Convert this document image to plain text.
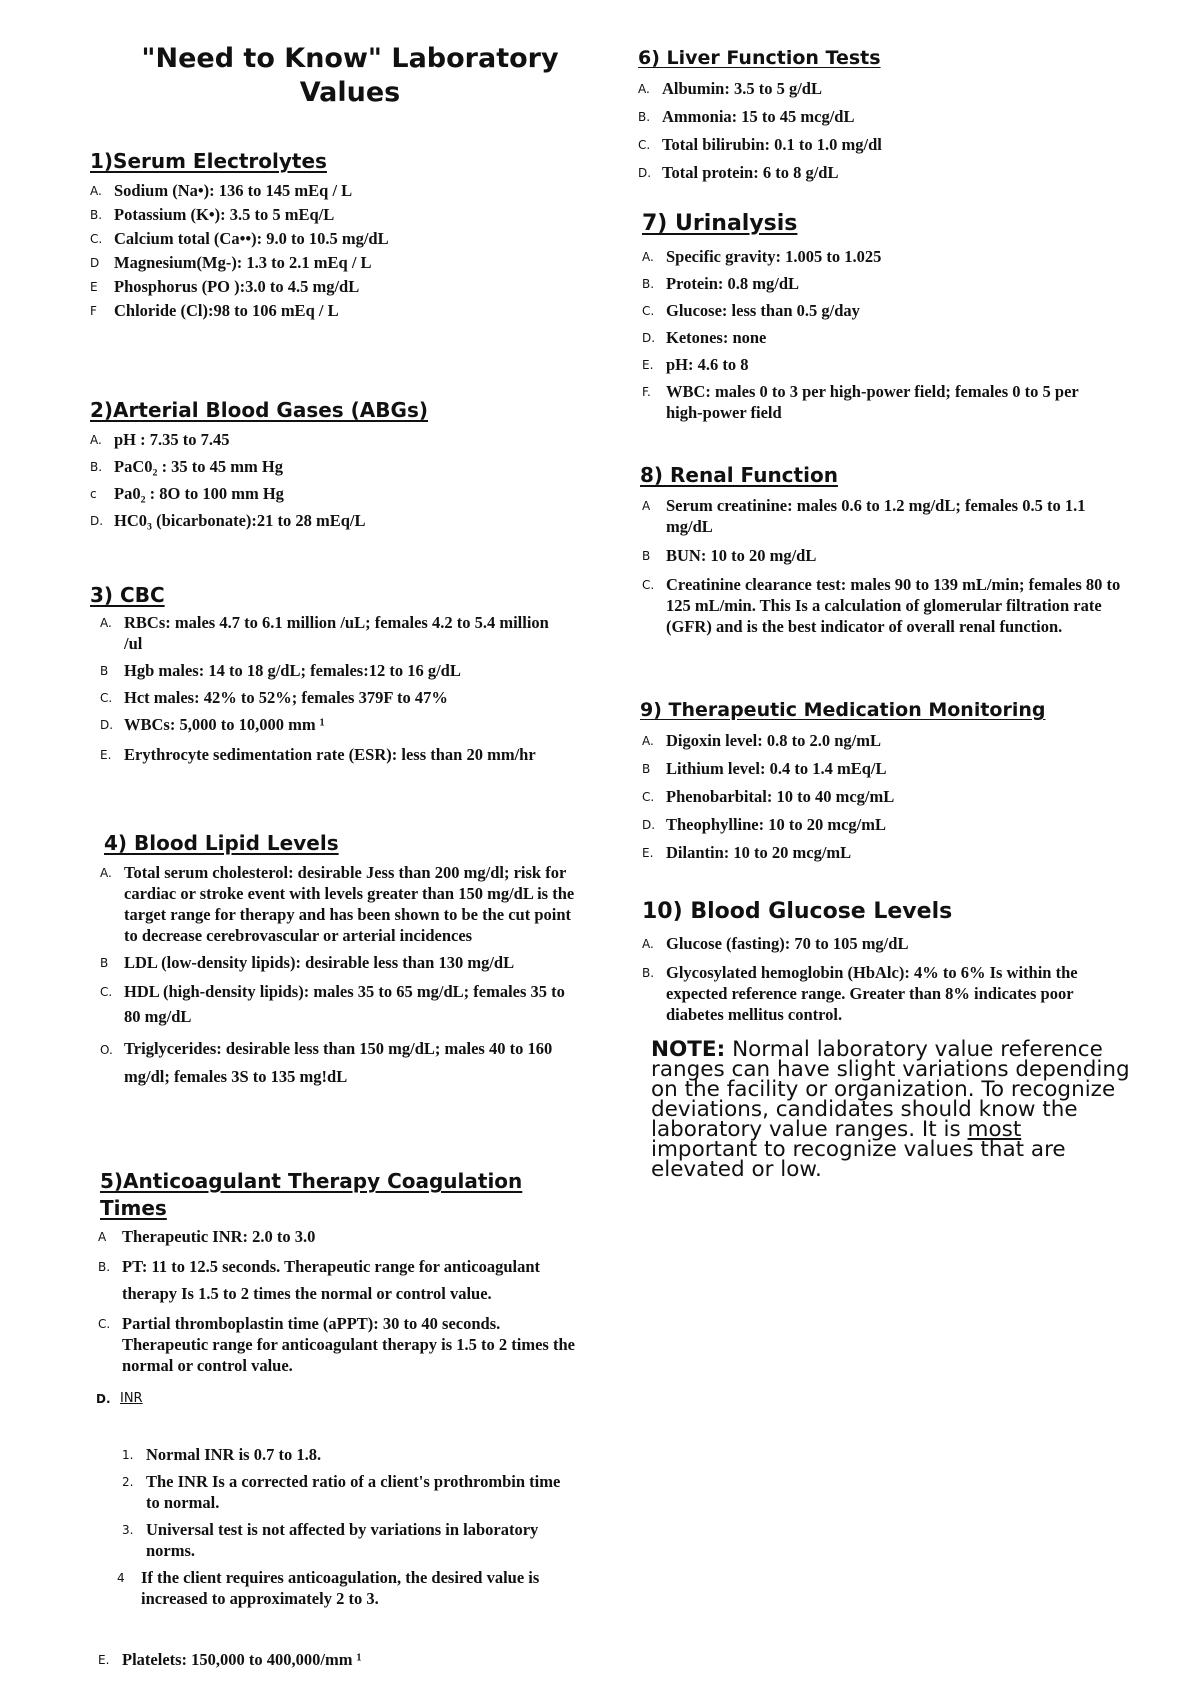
"Need to Know" Laboratory Values
1)Serum Electrolytes
A. Sodium (Na•): 136 to 145 mEq / L
B. Potassium (K•): 3.5 to 5 mEq/L
C. Calcium total (Ca••): 9.0 to 10.5 mg/dL
D Magnesium(Mg-): 1.3 to 2.1 mEq / L
E Phosphorus (PO ):3.0 to 4.5 mg/dL
F Chloride (Cl):98 to 106 mEq / L
2)Arterial Blood Gases (ABGs)
A. pH : 7.35 to 7.45
B. PaC0₂ : 35 to 45 mm Hg
c Pa0₂ : 8O to 100 mm Hg
D. HC0₃ (bicarbonate):21 to 28 mEq/L
3) CBC
A. RBCs: males 4.7 to 6.1 million /uL; females 4.2 to 5.4 million /ul
B Hgb males: 14 to 18 g/dL; females:12 to 16 g/dL
C. Hct males: 42% to 52%; females 379F to 47%
D. WBCs: 5,000 to 10,000 mm ¹
E. Erythrocyte sedimentation rate (ESR): less than 20 mm/hr
4) Blood Lipid Levels
A. Total serum cholesterol: desirable Jess than 200 mg/dl; risk for cardiac or stroke event with levels greater than 150 mg/dL is the target range for therapy and has been shown to be the cut point to decrease cerebrovascular or arterial incidences
B LDL (low-density lipids): desirable less than 130 mg/dL
C. HDL (high-density lipids): males 35 to 65 mg/dL; females 35 to 80 mg/dL
O. Triglycerides: desirable less than 150 mg/dL; males 40 to 160 mg/dl; females 3S to 135 mg!dL
5)Anticoagulant Therapy Coagulation Times
A Therapeutic INR: 2.0 to 3.0
B. PT: 11 to 12.5 seconds. Therapeutic range for anticoagulant therapy Is 1.5 to 2 times the normal or control value.
C. Partial thromboplastin time (aPPT): 30 to 40 seconds. Therapeutic range for anticoagulant therapy is 1.5 to 2 times the normal or control value.
D. INR
1. Normal INR is 0.7 to 1.8.
2. The INR Is a corrected ratio of a client's prothrombin time to normal.
3. Universal test is not affected by variations in laboratory norms.
4 If the client requires anticoagulation, the desired value is increased to approximately 2 to 3.
E. Platelets: 150,000 to 400,000/mm ¹
6) Liver Function Tests
A. Albumin: 3.5 to 5 g/dL
B. Ammonia: 15 to 45 mcg/dL
C. Total bilirubin: 0.1 to 1.0 mg/dl
D. Total protein: 6 to 8 g/dL
7) Urinalysis
A. Specific gravity: 1.005 to 1.025
B. Protein: 0.8 mg/dL
C. Glucose: less than 0.5 g/day
D. Ketones: none
E. pH: 4.6 to 8
F. WBC: males 0 to 3 per high-power field; females 0 to 5 per high-power field
8) Renal Function
A Serum creatinine: males 0.6 to 1.2 mg/dL; females 0.5 to 1.1 mg/dL
B BUN: 10 to 20 mg/dL
C. Creatinine clearance test: males 90 to 139 mL/min; females 80 to 125 mL/min. This Is a calculation of glomerular filtration rate (GFR) and is the best indicator of overall renal function.
9) Therapeutic Medication Monitoring
A. Digoxin level: 0.8 to 2.0 ng/mL
B Lithium level: 0.4 to 1.4 mEq/L
C. Phenobarbital: 10 to 40 mcg/mL
D. Theophylline: 10 to 20 mcg/mL
E. Dilantin: 10 to 20 mcg/mL
10) Blood Glucose Levels
A. Glucose (fasting): 70 to 105 mg/dL
B. Glycosylated hemoglobin (HbAlc): 4% to 6% Is within the expected reference range. Greater than 8% indicates poor diabetes mellitus control.

NOTE: Normal laboratory value reference ranges can have slight variations depending on the facility or organization. To recognize deviations, candidates should know the laboratory value ranges. It is most important to recognize values that are elevated or low.
